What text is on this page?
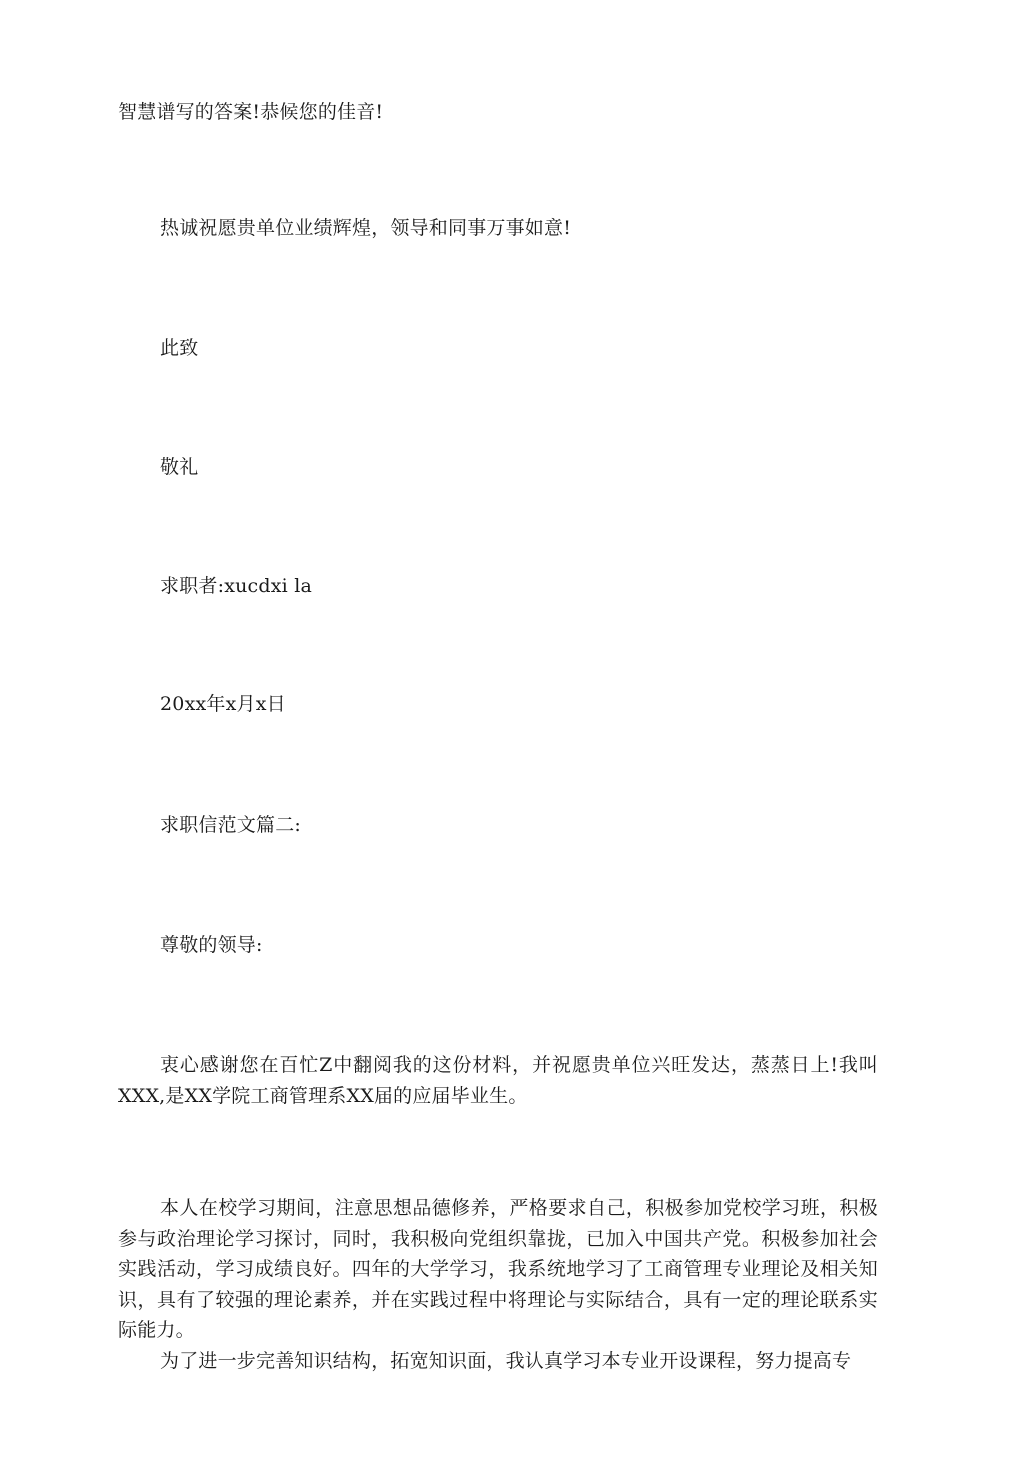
智慧谱写的答案!恭候您的佳音!
热诚祝愿贵单位业绩辉煌，领导和同事万事如意!
此致
敬礼
求职者:xucdxi la
20xx年x月x日
求职信范文篇二:
尊敬的领导:
衷心感谢您在百忙Z中翻阅我的这份材料，并祝愿贵单位兴旺发达，蒸蒸日上!我叫XXX,是XX学院工商管理系XX届的应届毕业生。
本人在校学习期间，注意思想品德修养，严格要求自己，积极参加党校学习班，积极参与政治理论学习探讨，同时，我积极向党组织靠拢，已加入中国共产党。积极参加社会实践活动，学习成绩良好。四年的大学学习，我系统地学习了工商管理专业理论及相关知识，具有了较强的理论素养，并在实践过程中将理论与实际结合，具有一定的理论联系实际能力。
为了进一步完善知识结构，拓宽知识面，我认真学习本专业开设课程，努力提高专
